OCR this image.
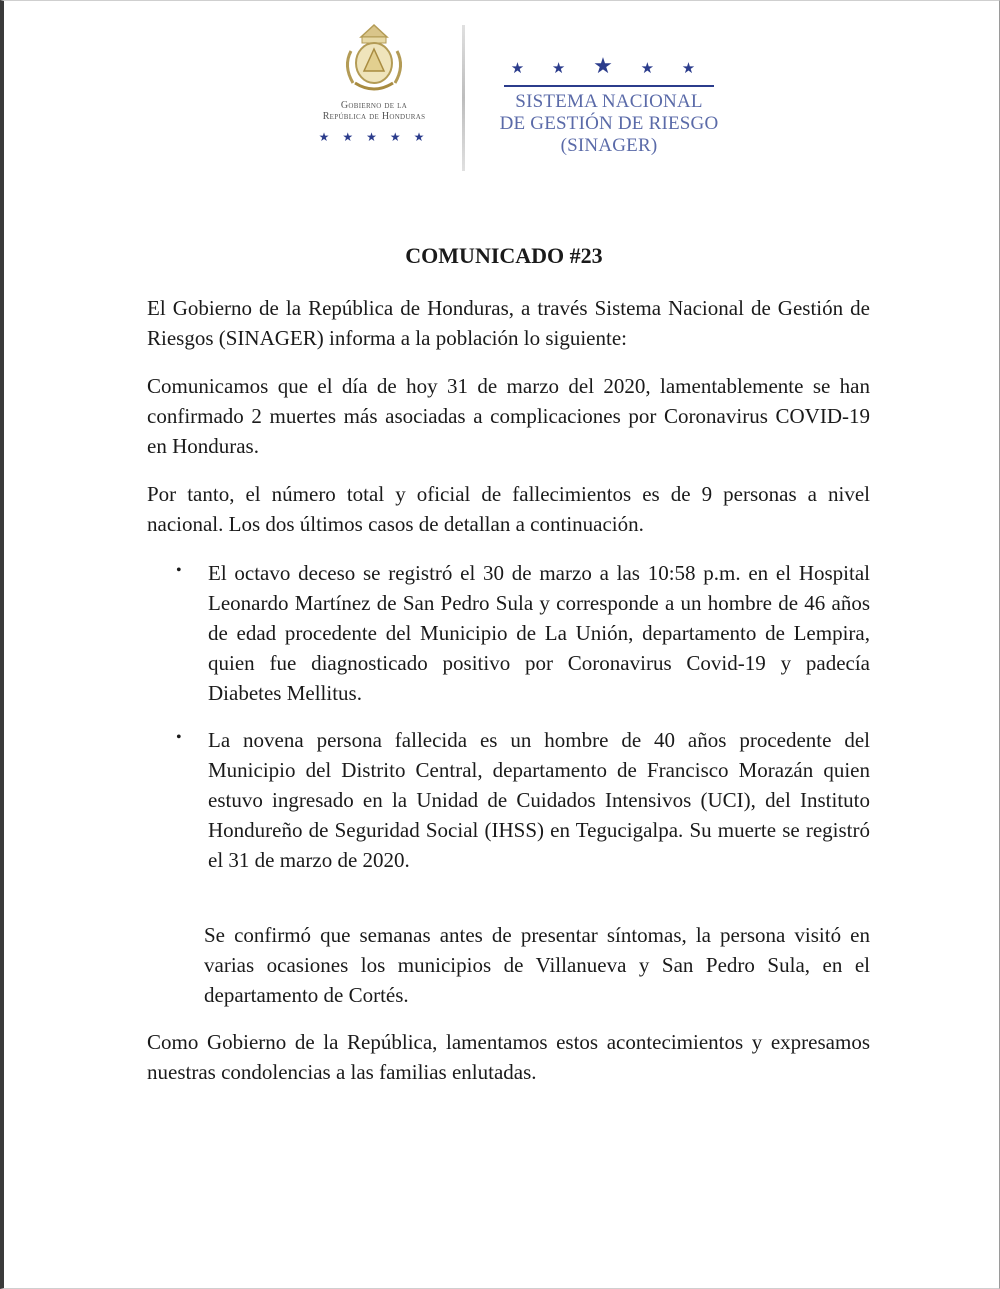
Gobierno de la
República de Honduras
★ ★ ★ ★ ★
★ ★ ★ ★ ★
SISTEMA NACIONAL
DE GESTIÓN DE RIESGO
(SINAGER)
COMUNICADO #23
El Gobierno de la República de Honduras, a través Sistema Nacional de Gestión de Riesgos (SINAGER) informa a la población lo siguiente:
Comunicamos que el día de hoy 31 de marzo del 2020, lamentablemente se han confirmado 2 muertes más asociadas a complicaciones por Coronavirus COVID-19 en Honduras.
Por tanto, el número total y oficial de fallecimientos es de 9 personas a nivel nacional. Los dos últimos casos de detallan a continuación.
• El octavo deceso se registró el 30 de marzo a las 10:58 p.m. en el Hospital Leonardo Martínez de San Pedro Sula y corresponde a un hombre de 46 años de edad procedente del Municipio de La Unión, departamento de Lempira, quien fue diagnosticado positivo por Coronavirus Covid-19 y padecía Diabetes Mellitus.
• La novena persona fallecida es un hombre de 40 años procedente del Municipio del Distrito Central, departamento de Francisco Morazán quien estuvo ingresado en la Unidad de Cuidados Intensivos (UCI), del Instituto Hondureño de Seguridad Social (IHSS) en Tegucigalpa. Su muerte se registró el 31 de marzo de 2020.
Se confirmó que semanas antes de presentar síntomas, la persona visitó en varias ocasiones los municipios de Villanueva y San Pedro Sula, en el departamento de Cortés.
Como Gobierno de la República, lamentamos estos acontecimientos y expresamos nuestras condolencias a las familias enlutadas.
